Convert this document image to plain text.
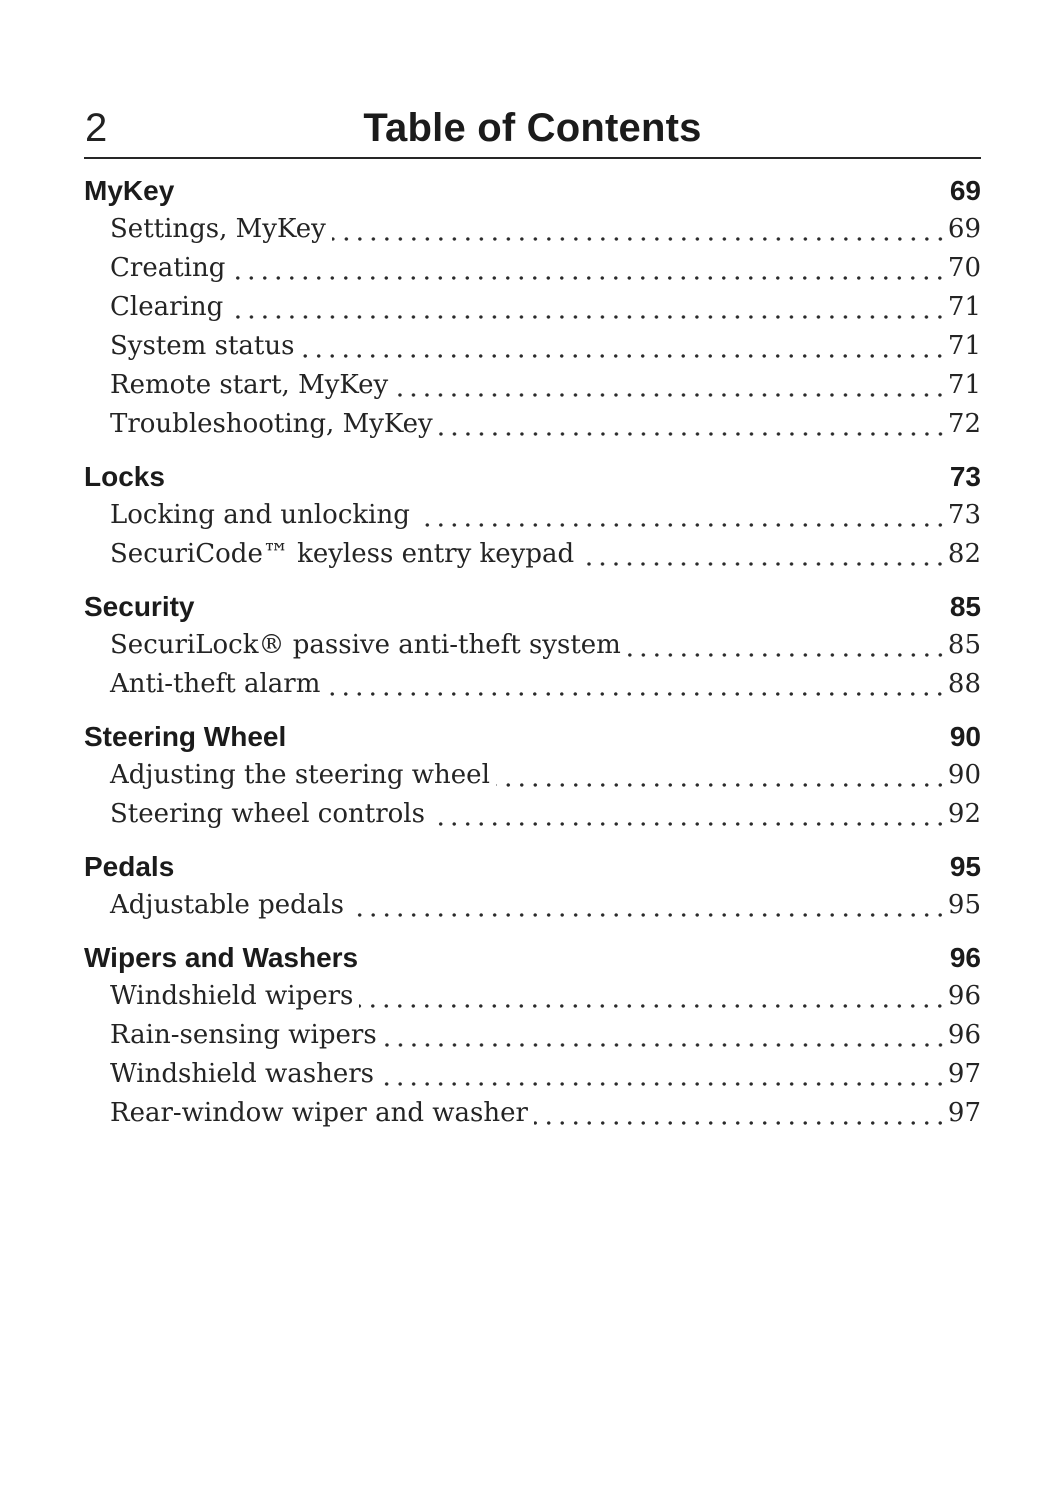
2	Table of Contents
MyKey	69
Settings, MyKey	69
Creating	70
Clearing	71
System status	71
Remote start, MyKey	71
Troubleshooting, MyKey	72
Locks	73
Locking and unlocking	73
SecuriCode™ keyless entry keypad	82
Security	85
SecuriLock® passive anti-theft system	85
Anti-theft alarm	88
Steering Wheel	90
Adjusting the steering wheel	90
Steering wheel controls	92
Pedals	95
Adjustable pedals	95
Wipers and Washers	96
Windshield wipers	96
Rain-sensing wipers	96
Windshield washers	97
Rear-window wiper and washer	97
